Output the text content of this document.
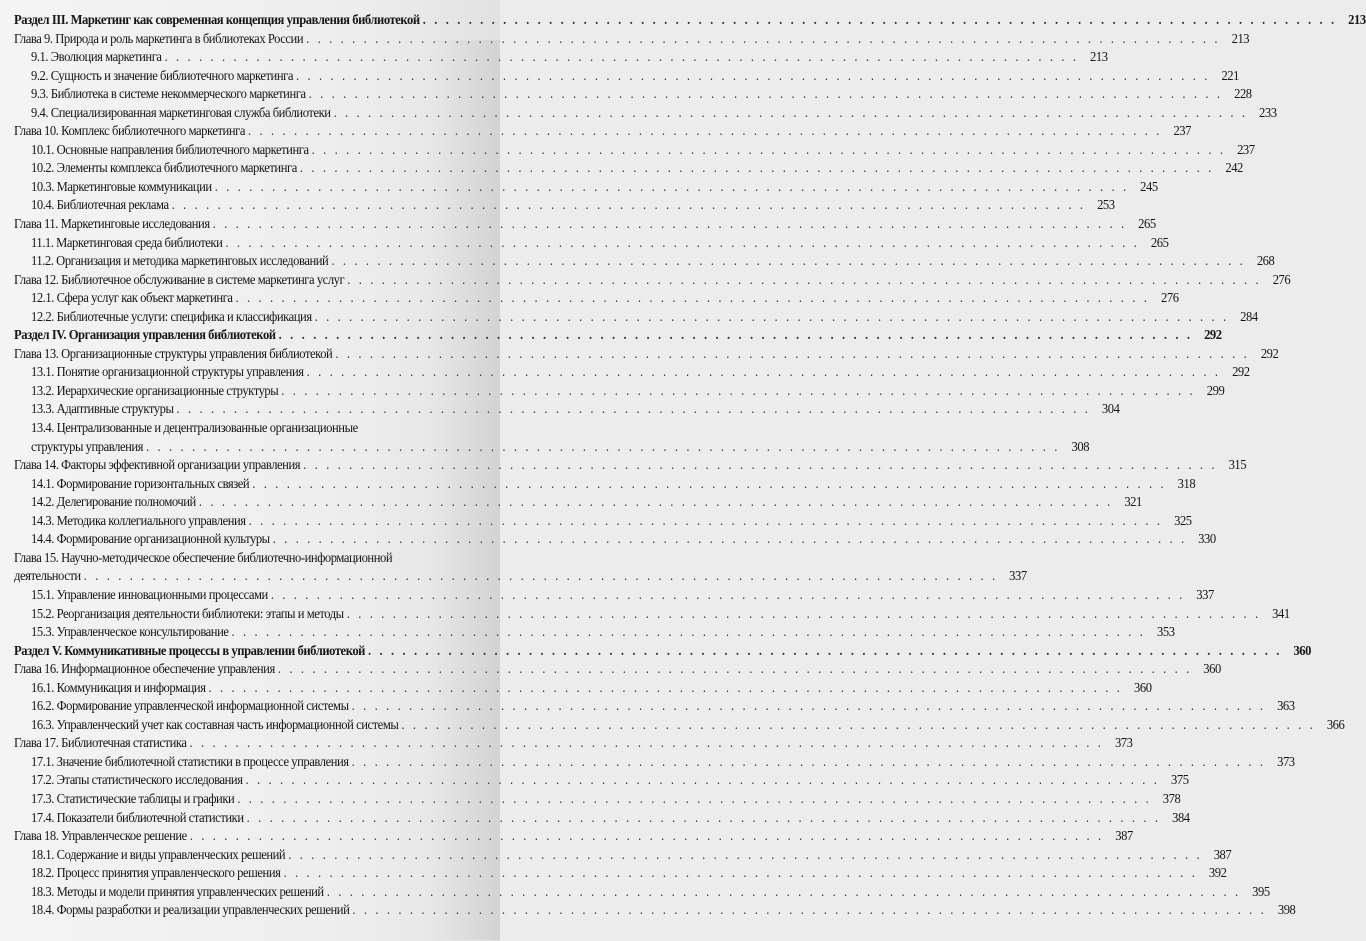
Раздел III. Маркетинг как современная концепция управления библиотекой . . .	213
Глава 9. Природа и роль маркетинга в библиотеках России . . .	213
9.1. Эволюция маркетинга . . .	213
9.2. Сущность и значение библиотечного маркетинга . . .	221
9.3. Библиотека в системе некоммерческого маркетинга . . .	228
9.4. Специализированная маркетинговая служба библиотеки . . .	233
Глава 10. Комплекс библиотечного маркетинга . . .	237
10.1. Основные направления библиотечного маркетинга . . .	237
10.2. Элементы комплекса библиотечного маркетинга . . .	242
10.3. Маркетинговые коммуникации . . .	245
10.4. Библиотечная реклама . . .	253
Глава 11. Маркетинговые исследования . . .	265
11.1. Маркетинговая среда библиотеки . . .	265
11.2. Организация и методика маркетинговых исследований . . .	268
Глава 12. Библиотечное обслуживание в системе маркетинга услуг . . .	276
12.1. Сфера услуг как объект маркетинга . . .	276
12.2. Библиотечные услуги: специфика и классификация . . .	284
Раздел IV. Организация управления библиотекой . . .	292
Глава 13. Организационные структуры управления библиотекой . . .	292
13.1. Понятие организационной структуры управления . . .	292
13.2. Иерархические организационные структуры . . .	299
13.3. Адаптивные структуры . . .	304
13.4. Централизованные и децентрализованные организационные
структуры управления . . .	308
Глава 14. Факторы эффективной организации управления . . .	315
14.1. Формирование горизонтальных связей . . .	318
14.2. Делегирование полномочий . . .	321
14.3. Методика коллегиального управления . . .	325
14.4. Формирование организационной культуры . . .	330
Глава 15. Научно-методическое обеспечение библиотечно-информационной
деятельности . . .	337
15.1. Управление инновационными процессами . . .	337
15.2. Реорганизация деятельности библиотеки: этапы и методы . . .	341
15.3. Управленческое консультирование . . .	353
Раздел V. Коммуникативные процессы в управлении библиотекой . . .	360
Глава 16. Информационное обеспечение управления . . .	360
16.1. Коммуникация и информация . . .	360
16.2. Формирование управленческой информационной системы . . .	363
16.3. Управленческий учет как составная часть информационной системы . . .	366
Глава 17. Библиотечная статистика . . .	373
17.1. Значение библиотечной статистики в процессе управления . . .	373
17.2. Этапы статистического исследования . . .	375
17.3. Статистические таблицы и графики . . .	378
17.4. Показатели библиотечной статистики . . .	384
Глава 18. Управленческое решение . . .	387
18.1. Содержание и виды управленческих решений . . .	387
18.2. Процесс принятия управленческого решения . . .	392
18.3. Методы и модели принятия управленческих решений . . .	395
18.4. Формы разработки и реализации управленческих решений . . .	398
